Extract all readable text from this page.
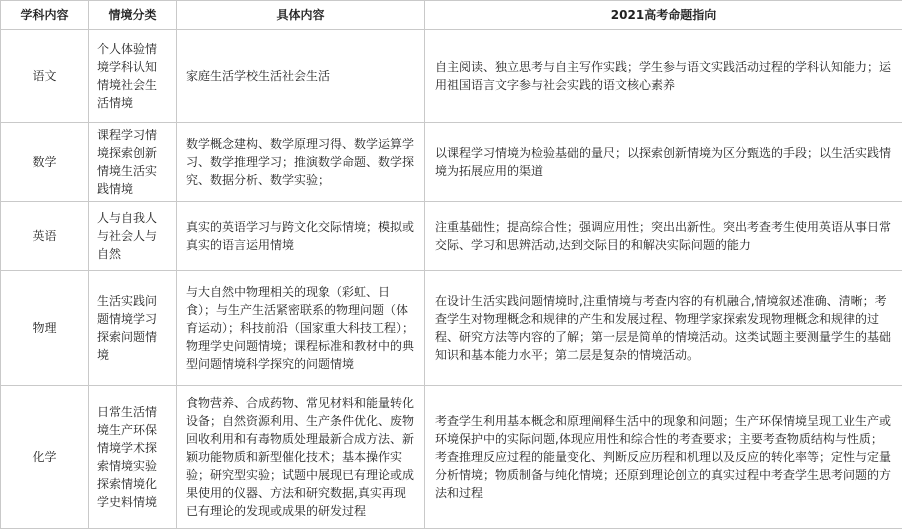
学科内容	情境分类	具体内容	2021高考命题指向
语文	个人体验情境学科认知情境社会生活情境	家庭生活学校生活社会生活	自主阅读、独立思考与自主写作实践；学生参与语文实践活动过程的学科认知能力；运用祖国语言文字参与社会实践的语文核心素养
数学	课程学习情境探索创新情境生活实践情境	数学概念建构、数学原理习得、数学运算学习、数学推理学习；推演数学命题、数学探究、数据分析、数学实验；	以课程学习情境为检验基础的量尺；以探索创新情境为区分甄选的手段；以生活实践情境为拓展应用的渠道
英语	人与自我人与社会人与自然	真实的英语学习与跨文化交际情境；模拟或真实的语言运用情境	注重基础性；提高综合性；强调应用性；突出出新性。突出考查考生使用英语从事日常交际、学习和思辨活动,达到交际目的和解决实际问题的能力
物理	生活实践问题情境学习探索问题情境	与大自然中物理相关的现象（彩虹、日食）；与生产生活紧密联系的物理问题（体育运动）；科技前沿（国家重大科技工程）；物理学史问题情境；课程标准和教材中的典型问题情境科学探究的问题情境	在设计生活实践问题情境时,注重情境与考查内容的有机融合,情境叙述准确、清晰；考查学生对物理概念和规律的产生和发展过程、物理学家探索发现物理概念和规律的过程、研究方法等内容的了解；第一层是简单的情境活动。这类试题主要测量学生的基础知识和基本能力水平；第二层是复杂的情境活动。
化学	日常生活情境生产环保情境学术探索情境实验探索情境化学史料情境	食物营养、合成药物、常见材料和能量转化设备；自然资源利用、生产条件优化、废物回收利用和有毒物质处理最新合成方法、新颖功能物质和新型催化技术；基本操作实验；研究型实验；试题中展现已有理论或成果使用的仪器、方法和研究数据,真实再现已有理论的发现或成果的研发过程	考查学生利用基本概念和原理阐释生活中的现象和问题；生产环保情境呈现工业生产或环境保护中的实际问题,体现应用性和综合性的考查要求；主要考查物质结构与性质；考查推理反应过程的能量变化、判断反应历程和机理以及反应的转化率等；定性与定量分析情境；物质制备与纯化情境；还原到理论创立的真实过程中考查学生思考问题的方法和过程
